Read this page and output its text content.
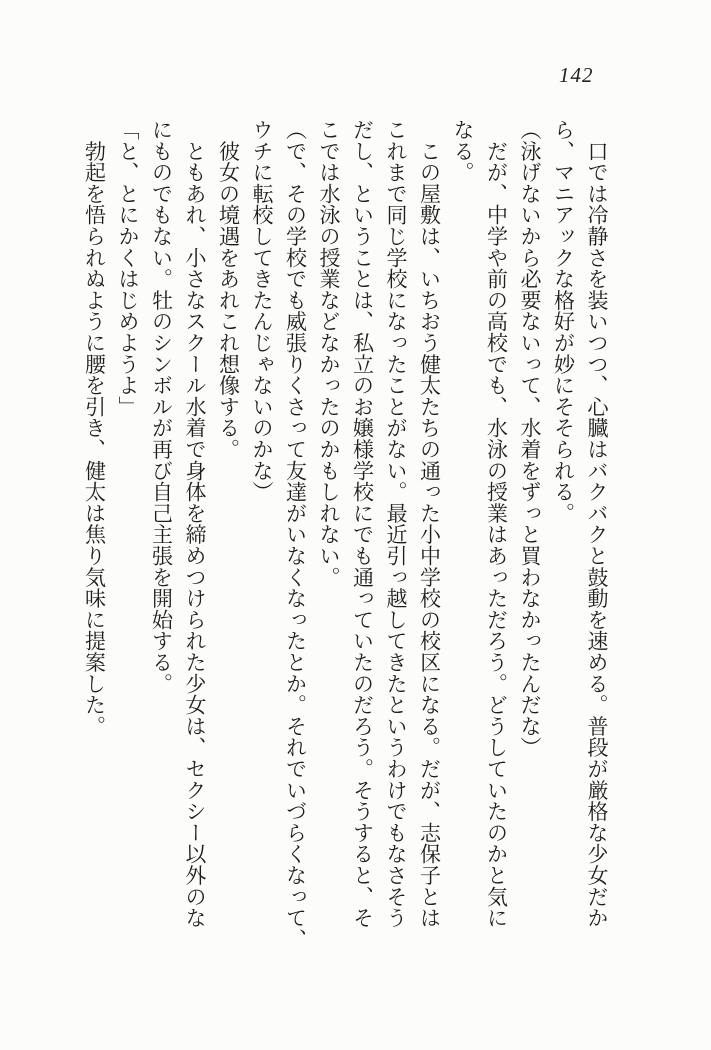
142

　口では冷静さを装いつつ、心臓はバクバクと鼓動を速める。普段が厳格な少女だか

ら、マニアックな格好が妙にそそられる。

（泳げないから必要ないって、水着をずっと買わなかったんだな）

　だが、中学や前の高校でも、水泳の授業はあっただろう。どうしていたのかと気に

なる。

　この屋敷は、いちおう健太たちの通った小中学校の校区になる。だが、志保子とは

これまで同じ学校になったことがない。最近引っ越してきたというわけでもなさそう

だし、ということは、私立のお嬢様学校にでも通っていたのだろう。そうすると、そ

こでは水泳の授業などなかったのかもしれない。

（で、その学校でも威張りくさって友達がいなくなったとか。それでいづらくなって、

ウチに転校してきたんじゃないのかな）

　彼女の境遇をあれこれ想像する。

　ともあれ、小さなスクール水着で身体を締めつけられた少女は、セクシー以外のな

にものでもない。牡のシンボルが再び自己主張を開始する。

「と、とにかくはじめようよ」

　勃起を悟られぬように腰を引き、健太は焦り気味に提案した。
